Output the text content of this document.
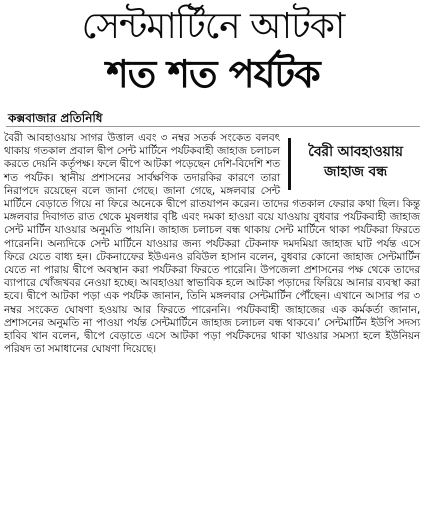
সেন্টমার্টিনে আটকা
শত শত পর্যটক
কক্সবাজার প্রতিনিধি
বৈরী আবহাওয়ায়
জাহাজ বন্ধ

বৈরী আবহাওয়ায় সাগর উত্তাল এবং ৩ নম্বর সতর্ক সংকেত বলবৎ থাকায় গতকাল প্রবাল দ্বীপ সেন্ট মার্টিনে পর্যটকবাহী জাহাজ চলাচল করতে দেয়নি কর্তৃপক্ষ। ফলে দ্বীপে আটকা পড়েছেন দেশি-বিদেশি শত শত পর্যটক। স্থানীয় প্রশাসনের সার্বক্ষণিক তদারকির কারণে তারা নিরাপদে রয়েছেন বলে জানা গেছে। জানা গেছে, মঙ্গলবার সেন্ট মার্টিনে বেড়াতে গিয়ে না ফিরে অনেকে দ্বীপে রাতযাপন করেন। তাদের গতকাল ফেরার কথা ছিল। কিন্তু মঙ্গলবার দিবাগত রাত থেকে মুষলধার বৃষ্টি এবং দমকা হাওয়া বয়ে যাওয়ায় বুধবার পর্যটকবাহী জাহাজ সেন্ট মার্টিন যাওয়ার অনুমতি পায়নি। জাহাজ চলাচল বন্ধ থাকায় সেন্ট মার্টিনে থাকা পর্যটকরা ফিরতে পারেননি। অন্যদিকে সেন্ট মার্টিনে যাওয়ার জন্য পর্যটকরা টেকনাফ দমদমিয়া জাহাজ ঘাট পর্যন্ত এসে ফিরে যেতে বাধ্য হন। টেকনাফেের ইউএনও রবিউল হাসান বলেন, বুধবার কোনো জাহাজ সেন্টমার্টিন যেতে না পারায় দ্বীপে অবস্থান করা পর্যটকরা ফিরতে পারেনি। উপজেলা প্রশাসনের পক্ষ থেকে তাদের ব্যাপারে খোঁজখবর নেওয়া হচ্ছে। আবহাওয়া স্বাভাবিক হলে আটকা পড়াদের ফিরিয়ে আনার ব্যবস্থা করা হবে। দ্বীপে আটকা পড়া এক পর্যটক জানান, তিনি মঙ্গলবার সেন্টমার্টিন পৌঁছেন। এখানে আসার পর ৩ নম্বর সংকেত ঘোষণা হওয়ায় আর ফিরতে পারেননি। পর্যটকবাহী জাহাজের এক কর্মকর্তা জানান, প্রশাসনের অনুমতি না পাওয়া পর্যন্ত সেন্টমার্টিনে জাহাজ চলাচল বন্ধ থাকবে।’ সেন্টমার্টিন ইউপি সদস্য হাবিব খান বলেন, দ্বীপে বেড়াতে এসে আটকা পড়া পর্যটকদের থাকা খাওয়ার সমস্যা হলে ইউনিয়ন পরিষদ তা সমাধানের ঘোষণা দিয়েছে।
